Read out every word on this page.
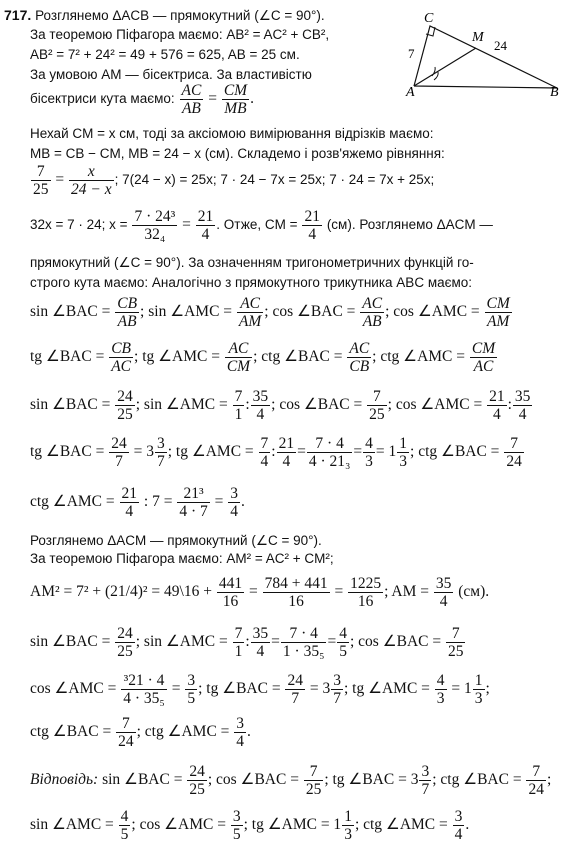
C
M
A	B
7
24
717. Розглянемо ΔACB — прямокутний (∠C = 90°).
За теоремою Піфагора маємо: AB² = AC² + CB²,
AB² = 7² + 24² = 49 + 576 = 625, AB = 25 см.
За умовою AM — бісектриса. За властивістю
бісектриси кута маємо: $\frac{AC}{AB} = \frac{CM}{MB}$ .
Нехай CM = x см, тоді за аксіомою вимірювання відрізків маємо:
MB = CB − CM, MB = 24 − x (см). Складемо і розв'яжемо рівняння:
$\frac{7}{25} = \frac{x}{24 - x}$ ; 7(24 − x) = 25x; 7 · 24 − 7x = 25x; 7 · 24 = 7x + 25x;
32x = 7 · 24; $x = \frac{\text{7 · 24³}}{\text{32₄}} = \frac{21}{4}$ . Отже, CM = $\frac{21}{4} (см)$. Розглянемо ΔACM —
прямокутний (∠C = 90°). За означенням тригонометричних функцій го-
строго кута маємо: Аналогічно з прямокутного трикутника ABC маємо:
sin ∠BAC = $\frac{CB}{AB}$ ; sin ∠AMC = $\frac{AC}{AM}$ ; cos ∠BAC = $\frac{AC}{AB}$ ; cos ∠AMC = $\frac{CM}{AM}$
tg ∠BAC = $\frac{CB}{AC}$ ; tg ∠AMC = $\frac{AC}{CM}$ ; ctg ∠BAC = $\frac{AC}{CB}$ ; ctg ∠AMC = $\frac{CM}{AC}$
sin ∠BAC = $\frac{24}{25}$ ; sin ∠AMC = $\frac{7}{1}$ : $\frac{35}{4}$ ; cos ∠BAC = $\frac{7}{25}$ ; cos ∠AMC = $\frac{21}{4}$ : $\frac{35}{4}$
tg ∠BAC = $\frac{24}{7} = 3 \frac{3}{7}$ ; tg ∠AMC = $\frac{7}{4}$ : $\frac{21}{4} = \frac{7 \cdot 4}{\text{4 · 21₃}} = \frac{4}{3} = 1 \frac{1}{3}$ ; ctg ∠BAC = $\frac{7}{24}$
ctg ∠AMC = $\frac{21}{4}$ : $7 = \frac{\text{21³}}{4 \cdot 7} = \frac{3}{4}$ .
Розглянемо ΔACM — прямокутний (∠C = 90°).
За теоремою Піфагора маємо: AM² = AC² + CM²;
AM² = 7² + (21/4)² = 49\16 + $\frac{441}{16} = \frac{784 + 441}{16} = \frac{1225}{16}$ ; AM = $\frac{35}{4} (см)$.
sin ∠BAC = $\frac{24}{25}$ ; sin ∠AMC = $\frac{7}{1}$ : $\frac{35}{4} = \frac{7 \cdot 4}{\text{1 · 35₅}} = \frac{4}{5}$ ; cos ∠BAC = $\frac{7}{25}$
cos ∠AMC = $\frac{\text{³21 · 4}}{\text{4 · 35₅}} = \frac{3}{5}$ ; tg ∠BAC = $\frac{24}{7} = 3 \frac{3}{7}$ ; tg ∠AMC = $\frac{4}{3} = 1 \frac{1}{3}$ ;
ctg ∠BAC = $\frac{7}{24}$ ; ctg ∠AMC = $\frac{3}{4}$ .
Відповідь: sin ∠BAC = $\frac{24}{25}$ ; cos ∠BAC = $\frac{7}{25}$ ; tg ∠BAC = $3 \frac{3}{7}$ ; ctg ∠BAC = $\frac{7}{24}$ ;
sin ∠AMC = $\frac{4}{5}$ ; cos ∠AMC = $\frac{3}{5}$ ; tg ∠AMC = $1 \frac{1}{3}$ ; ctg ∠AMC = $\frac{3}{4}$ .
